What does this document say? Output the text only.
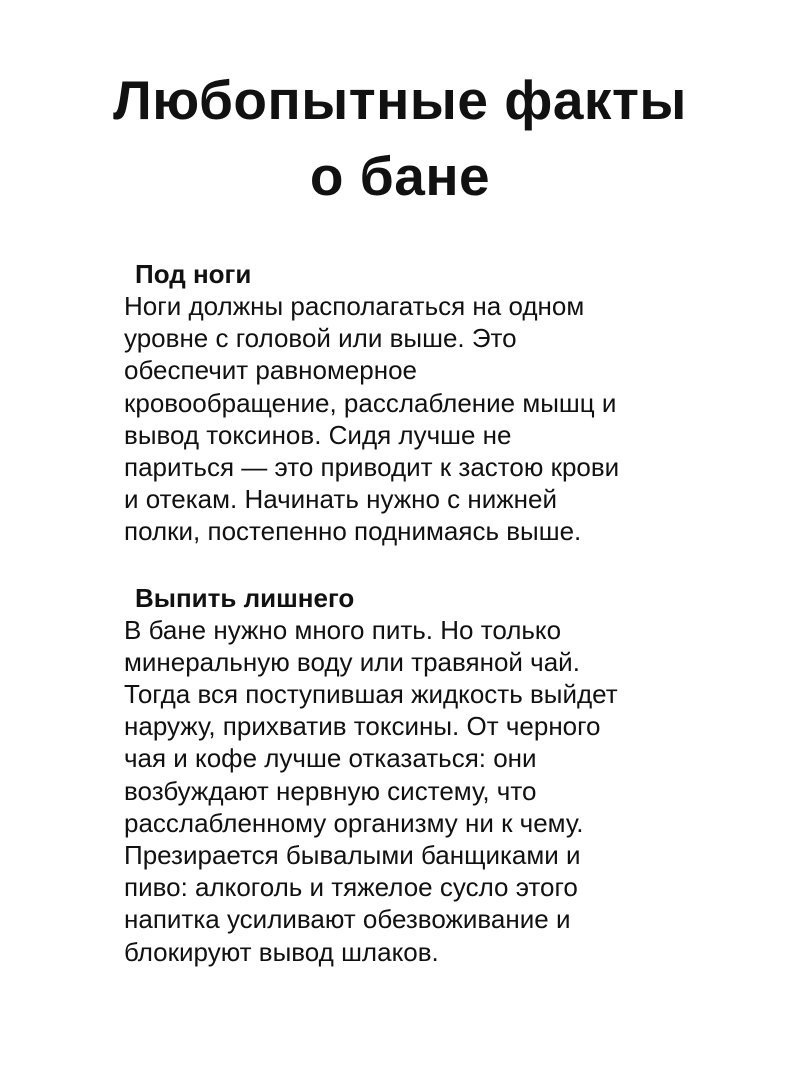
Любопытные факты
о бане
Под ноги
Ноги должны располагаться на одном
уровне с головой или выше. Это
обеспечит равномерное
кровообращение, расслабление мышц и
вывод токсинов. Сидя лучше не
париться — это приводит к застою крови
и отекам. Начинать нужно с нижней
полки, постепенно поднимаясь выше.
Выпить лишнего
В бане нужно много пить. Но только
минеральную воду или травяной чай.
Тогда вся поступившая жидкость выйдет
наружу, прихватив токсины. От черного
чая и кофе лучше отказаться: они
возбуждают нервную систему, что
расслабленному организму ни к чему.
Презирается бывалыми банщиками и
пиво: алкоголь и тяжелое сусло этого
напитка усиливают обезвоживание и
блокируют вывод шлаков.
